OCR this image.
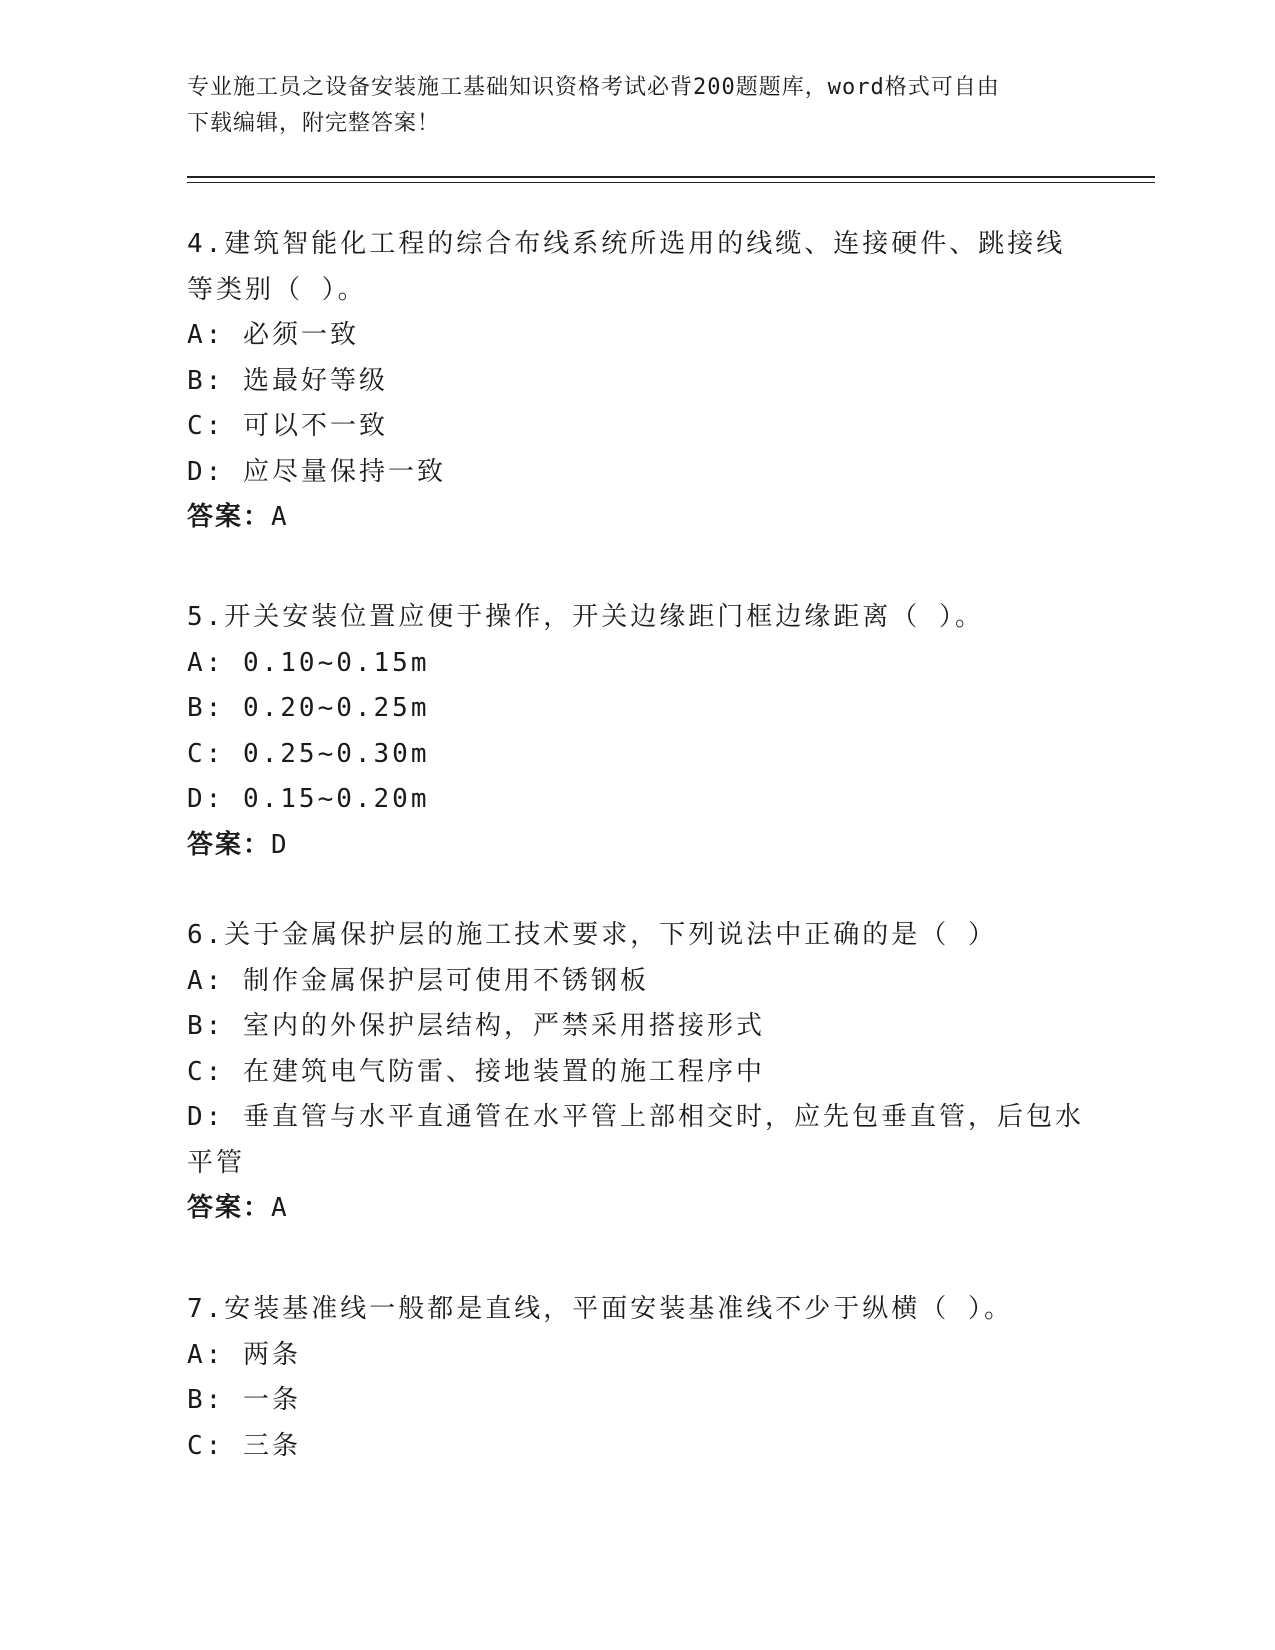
专业施工员之设备安装施工基础知识资格考试必背200题题库，word格式可自由
下载编辑，附完整答案！
4.建筑智能化工程的综合布线系统所选用的线缆、连接硬件、跳接线
等类别（ ）。
A: 必须一致
B: 选最好等级
C: 可以不一致
D: 应尽量保持一致
答案：A
5.开关安装位置应便于操作，开关边缘距门框边缘距离（ ）。
A: 0.10~0.15m
B: 0.20~0.25m
C: 0.25~0.30m
D: 0.15~0.20m
答案：D
6.关于金属保护层的施工技术要求，下列说法中正确的是（ ）
A: 制作金属保护层可使用不锈钢板
B: 室内的外保护层结构，严禁采用搭接形式
C: 在建筑电气防雷、接地装置的施工程序中
D: 垂直管与水平直通管在水平管上部相交时，应先包垂直管，后包水
平管
答案：A
7.安装基准线一般都是直线，平面安装基准线不少于纵横（ ）。
A: 两条
B: 一条
C: 三条
